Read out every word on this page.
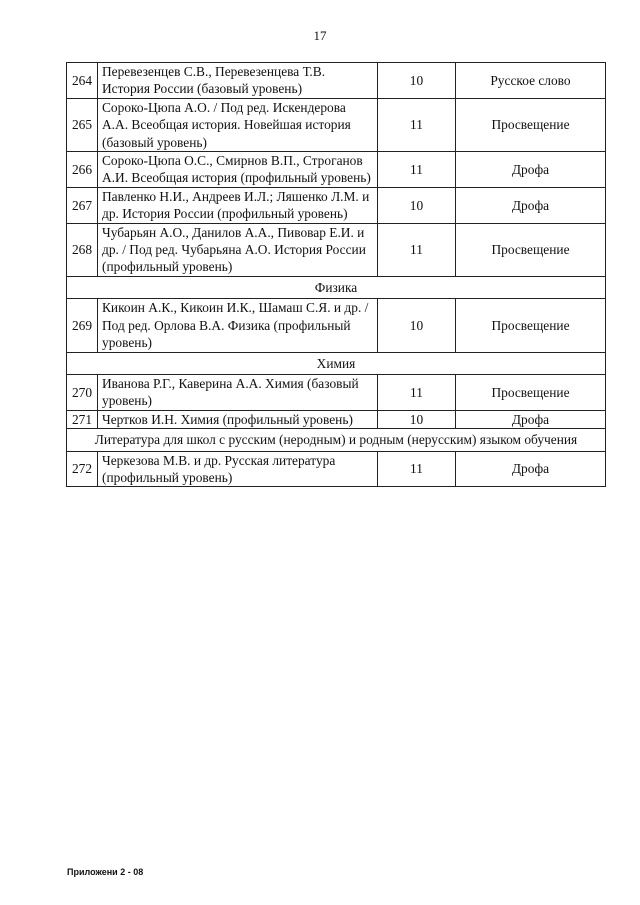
17
264	Перевезенцев С.В., Перевезенцева Т.В. История России (базовый уровень)	10	Русское слово
265	Сороко-Цюпа А.О. / Под ред. Искендерова А.А. Всеобщая история. Новейшая история (базовый уровень)	11	Просвещение
266	Сороко-Цюпа О.С., Смирнов В.П., Строганов А.И. Всеобщая история (профильный уровень)	11	Дрофа
267	Павленко Н.И., Андреев И.Л.; Ляшенко Л.М. и др. История России (профильный уровень)	10	Дрофа
268	Чубарьян А.О., Данилов А.А., Пивовар Е.И. и др. / Под ред. Чубарьяна А.О. История России (профильный уровень)	11	Просвещение
Физика			
269	Кикоин А.К., Кикоин И.К., Шамаш С.Я. и др. / Под ред. Орлова В.А. Физика (профильный уровень)	10	Просвещение
Химия			
270	Иванова Р.Г., Каверина А.А. Химия (базовый уровень)	11	Просвещение
271	Чертков И.Н. Химия (профильный уровень)	10	Дрофа
Литература для школ с русским (неродным) и родным (нерусским) языком обучения			
272	Черкезова М.В. и др. Русская литература (профильный уровень)	11	Дрофа
Приложени 2 - 08
